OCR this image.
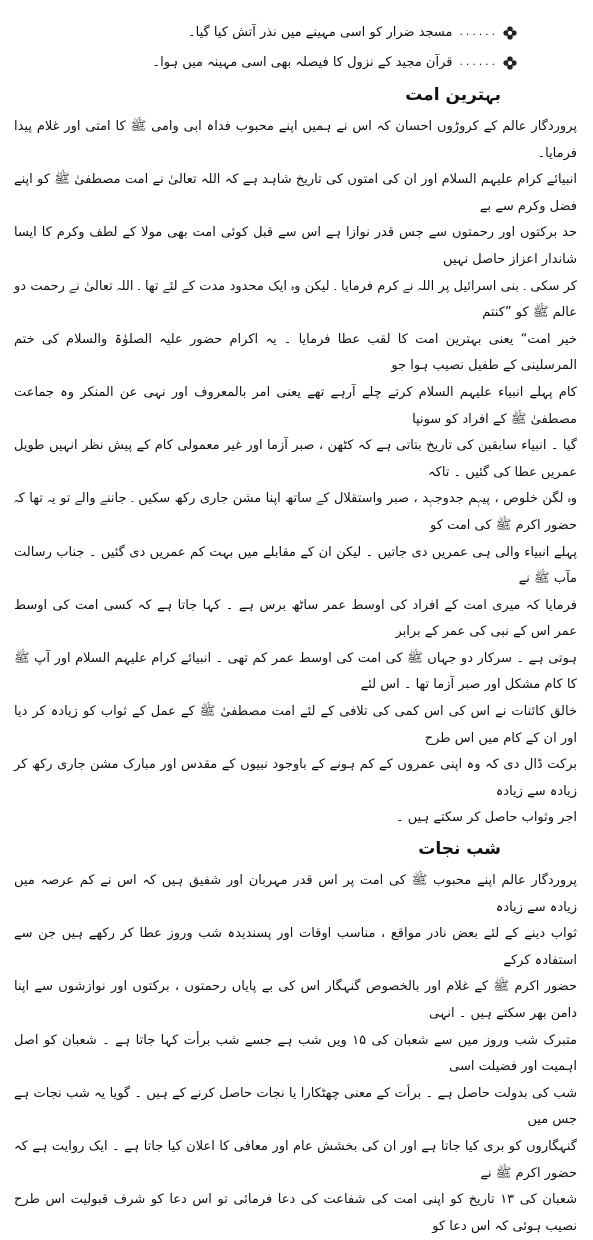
......
مسجد ضرار کو اسی مہینے میں نذر آتش کیا گیا۔
......
قرآن مجید کے نزول کا فیصلہ بھی اسی مہینہ میں ہوا۔
بہترین امت

پروردگار عالم کے کروڑوں احسان کہ اس نے ہمیں اپنے محبوب فداہ ابی وامی ﷺ کا امتی اور غلام پیدا فرمایا۔

انبیائے کرام علیہم السلام اور ان کی امتوں کی تاریخ شاہد ہے کہ اللہ تعالیٰ نے امت مصطفیٰ ﷺ کو اپنے فضل وکرم سے بے

حد برکتوں اور رحمتوں سے جس قدر نوازا ہے اس سے قبل کوئی امت بھی مولا کے لطف وکرم کا ایسا شاندار اعزاز حاصل نہیں

کر سکی ۔ بنی اسرائیل پر اللہ نے کرم فرمایا ۔ لیکن وہ ایک محدود مدت کے لئے تھا ۔ اللہ تعالیٰ نے رحمت دو عالم ﷺ کو ”کنتم

خیر امت“ یعنی بہترین امت کا لقب عطا فرمایا ۔ یہ اکرام حضور علیہ الصلوٰۃ والسلام کی ختم المرسلینی کے طفیل نصیب ہوا جو

کام پہلے انبیاء علیہم السلام کرتے چلے آرہے تھے یعنی امر بالمعروف اور نہی عن المنکر وہ جماعت مصطفیٰ ﷺ کے افراد کو سونپا

گیا ۔ انبیاء سابقین کی تاریخ بتاتی ہے کہ کٹھن ، صبر آزما اور غیر معمولی کام کے پیش نظر انہیں طویل عمریں عطا کی گئیں ۔ تاکہ

وہ لگن خلوص ، پیہم جدوجہد ، صبر واستقلال کے ساتھ اپنا مشن جاری رکھ سکیں ۔ جاننے والے تو یہ تھا کہ حضور اکرم ﷺ کی امت کو

پہلے انبیاء والی ہی عمریں دی جاتیں ۔ لیکن ان کے مقابلے میں بہت کم عمریں دی گئیں ۔ جناب رسالت مآب ﷺ نے

فرمایا کہ میری امت کے افراد کی اوسط عمر ساٹھ برس ہے ۔ کہا جاتا ہے کہ کسی امت کی اوسط عمر اس کے نبی کی عمر کے برابر

ہوتی ہے ۔ سرکار دو جہاں ﷺ کی امت کی اوسط عمر کم تھی ۔ انبیائے کرام علیہم السلام اور آپ ﷺ کا کام مشکل اور صبر آزما تھا ۔ اس لئے

خالق کائنات نے اس کی اس کمی کی تلافی کے لئے امت مصطفیٰ ﷺ کے عمل کے ثواب کو زیادہ کر دیا اور ان کے کام میں اس طرح

برکت ڈال دی کہ وہ اپنی عمروں کے کم ہونے کے باوجود نبیوں کے مقدس اور مبارک مشن جاری رکھ کر زیادہ سے زیادہ

اجر وثواب حاصل کر سکتے ہیں ۔

شب نجات

پروردگار عالم اپنے محبوب ﷺ کی امت پر اس قدر مہربان اور شفیق ہیں کہ اس نے کم عرصہ میں زیادہ سے زیادہ

ثواب دینے کے لئے بعض نادر مواقع ، مناسب اوقات اور پسندیدہ شب وروز عطا کر رکھے ہیں جن سے استفادہ کرکے

حضور اکرم ﷺ کے غلام اور بالخصوص گنہگار اس کی بے پایاں رحمتوں ، برکتوں اور نوازشوں سے اپنا دامن بھر سکتے ہیں ۔ انہی

متبرک شب وروز میں سے شعبان کی ۱۵ ویں شب ہے جسے شب برأت کہا جاتا ہے ۔ شعبان کو اصل اہمیت اور فضیلت اسی

شب کی بدولت حاصل ہے ۔ برأت کے معنی چھٹکارا یا نجات حاصل کرنے کے ہیں ۔ گویا یہ شب نجات ہے جس میں

گنہگاروں کو بری کیا جاتا ہے اور ان کی بخشش عام اور معافی کا اعلان کیا جاتا ہے ۔ ایک روایت ہے کہ حضور اکرم ﷺ نے

شعبان کی ۱۳ تاریخ کو اپنی امت کی شفاعت کی دعا فرمائی تو اس دعا کو شرف قبولیت اس طرح نصیب ہوئی کہ اس دعا کو
